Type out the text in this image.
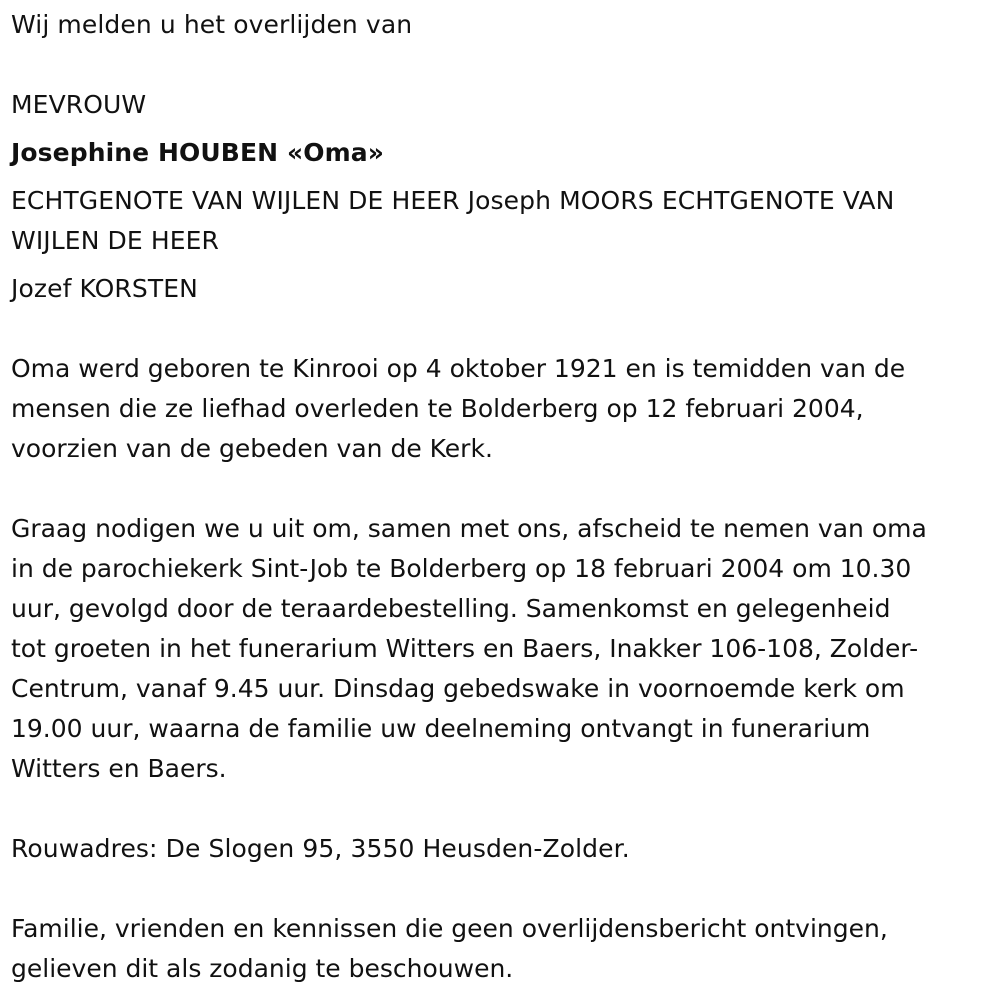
Wij melden u het overlijden van

MEVROUW

Josephine HOUBEN «Oma»

ECHTGENOTE VAN WIJLEN DE HEER Joseph MOORS ECHTGENOTE VAN

WIJLEN DE HEER

Jozef KORSTEN

Oma werd geboren te Kinrooi op 4 oktober 1921 en is temidden van de

mensen die ze liefhad overleden te Bolderberg op 12 februari 2004,

voorzien van de gebeden van de Kerk.

Graag nodigen we u uit om, samen met ons, afscheid te nemen van oma

in de parochiekerk Sint-Job te Bolderberg op 18 februari 2004 om 10.30

uur, gevolgd door de teraardebestelling. Samenkomst en gelegenheid

tot groeten in het funerarium Witters en Baers, Inakker 106-108, Zolder-

Centrum, vanaf 9.45 uur. Dinsdag gebedswake in voornoemde kerk om

19.00 uur, waarna de familie uw deelneming ontvangt in funerarium

Witters en Baers.

Rouwadres: De Slogen 95, 3550 Heusden-Zolder.

Familie, vrienden en kennissen die geen overlijdensbericht ontvingen,

gelieven dit als zodanig te beschouwen.
